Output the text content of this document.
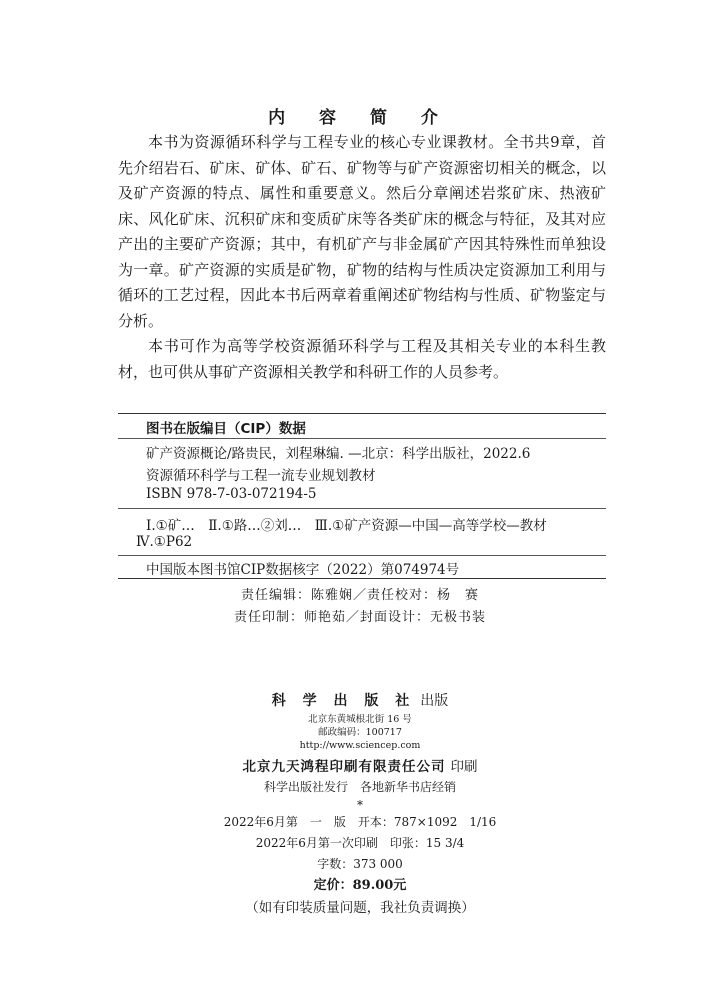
内 容 简 介

本书为资源循环科学与工程专业的核心专业课教材。全书共9章，首先介绍岩石、矿床、矿体、矿石、矿物等与矿产资源密切相关的概念，以及矿产资源的特点、属性和重要意义。然后分章阐述岩浆矿床、热液矿床、风化矿床、沉积矿床和变质矿床等各类矿床的概念与特征，及其对应产出的主要矿产资源；其中，有机矿产与非金属矿产因其特殊性而单独设为一章。矿产资源的实质是矿物，矿物的结构与性质决定资源加工利用与循环的工艺过程，因此本书后两章着重阐述矿物结构与性质、矿物鉴定与分析。

本书可作为高等学校资源循环科学与工程及其相关专业的本科生教材，也可供从事矿产资源相关教学和科研工作的人员参考。

图书在版编目（CIP）数据
矿产资源概论/路贵民，刘程琳编. —北京：科学出版社，2022.6
资源循环科学与工程一流专业规划教材
ISBN 978-7-03-072194-5
Ⅰ.①矿…　Ⅱ.①路…②刘…　Ⅲ.①矿产资源—中国—高等学校—教材
Ⅳ.①P62
中国版本图书馆CIP数据核字（2022）第074974号
责任编辑：陈雅娴／责任校对：杨　赛
责任印制：师艳茹／封面设计：无极书装
科 学 出 版 社 出版
北京东黄城根北街 16 号
邮政编码：100717
http://www.sciencep.com
北京九天鸿程印刷有限责任公司 印刷
科学出版社发行　各地新华书店经销
*
2022年6月第　一　版　开本：787×1092　1/16
2022年6月第一次印刷　印张：15 3/4
字数：373 000
定价：89.00元
（如有印装质量问题，我社负责调换）
